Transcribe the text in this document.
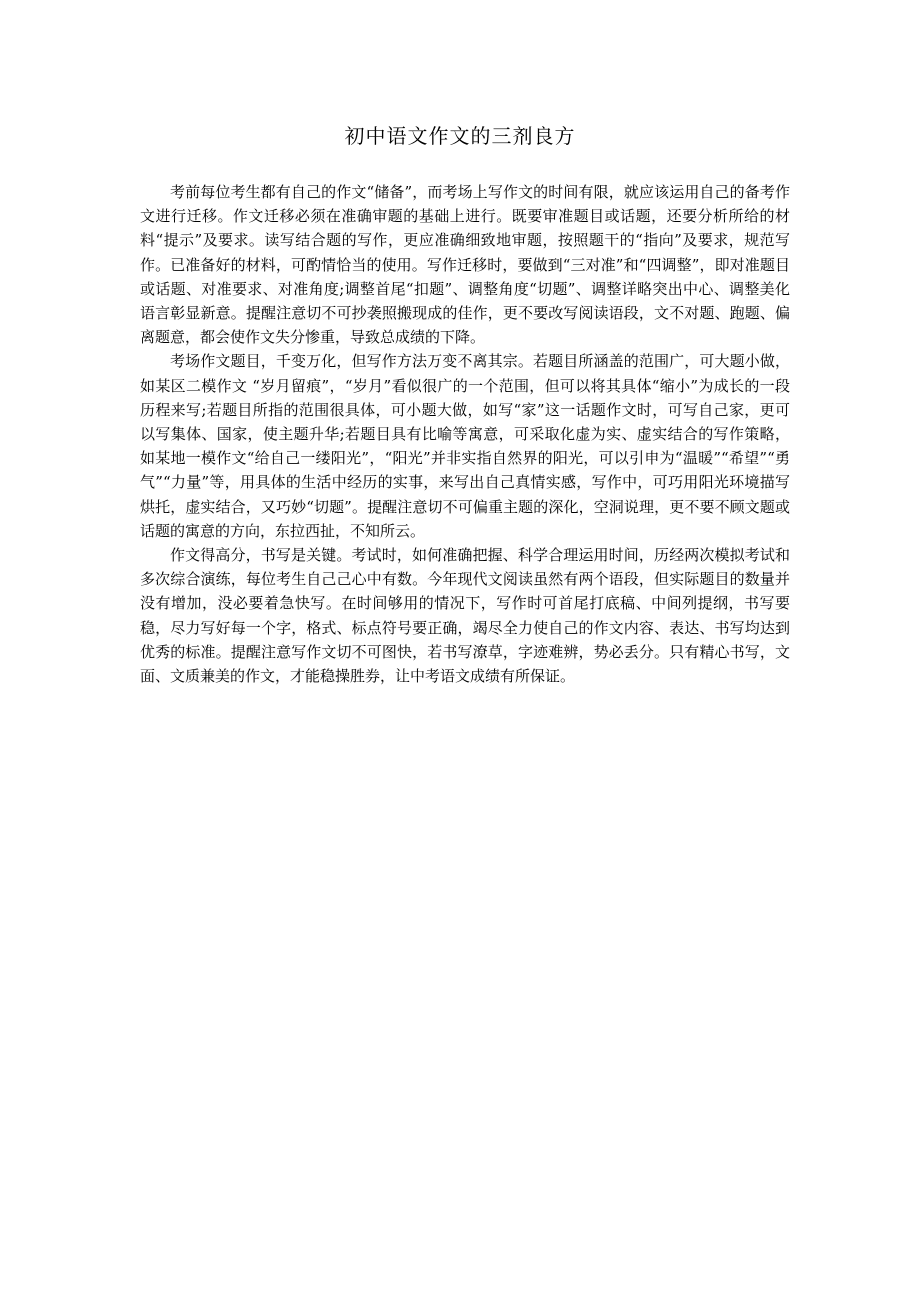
初中语文作文的三剂良方

考前每位考生都有自己的作文“储备”，而考场上写作文的时间有限，就应该运用自己的备考作文进行迁移。作文迁移必须在准确审题的基础上进行。既要审准题目或话题，还要分析所给的材料“提示”及要求。读写结合题的写作，更应准确细致地审题，按照题干的“指向”及要求，规范写作。已准备好的材料，可酌情恰当的使用。写作迁移时，要做到“三对准”和“四调整”，即对准题目或话题、对准要求、对准角度;调整首尾“扣题”、调整角度“切题”、调整详略突出中心、调整美化语言彰显新意。提醒注意切不可抄袭照搬现成的佳作，更不要改写阅读语段，文不对题、跑题、偏离题意，都会使作文失分惨重，导致总成绩的下降。

考场作文题目，千变万化，但写作方法万变不离其宗。若题目所涵盖的范围广，可大题小做，如某区二模作文 “岁月留痕”，“岁月”看似很广的一个范围，但可以将其具体“缩小”为成长的一段历程来写;若题目所指的范围很具体，可小题大做，如写“家”这一话题作文时，可写自己家，更可以写集体、国家，使主题升华;若题目具有比喻等寓意，可采取化虚为实、虚实结合的写作策略，如某地一模作文“给自己一缕阳光”，“阳光”并非实指自然界的阳光，可以引申为“温暖”“希望”“勇气”“力量”等，用具体的生活中经历的实事，来写出自己真情实感，写作中，可巧用阳光环境描写烘托，虚实结合，又巧妙“切题”。提醒注意切不可偏重主题的深化，空洞说理，更不要不顾文题或话题的寓意的方向，东拉西扯，不知所云。

作文得高分，书写是关键。考试时，如何准确把握、科学合理运用时间，历经两次模拟考试和多次综合演练，每位考生自己己心中有数。今年现代文阅读虽然有两个语段，但实际题目的数量并没有增加，没必要着急快写。在时间够用的情况下，写作时可首尾打底稿、中间列提纲，书写要稳，尽力写好每一个字，格式、标点符号要正确，竭尽全力使自己的作文内容、表达、书写均达到优秀的标准。提醒注意写作文切不可图快，若书写潦草，字迹难辨，势必丢分。只有精心书写，文面、文质兼美的作文，才能稳操胜券，让中考语文成绩有所保证。
